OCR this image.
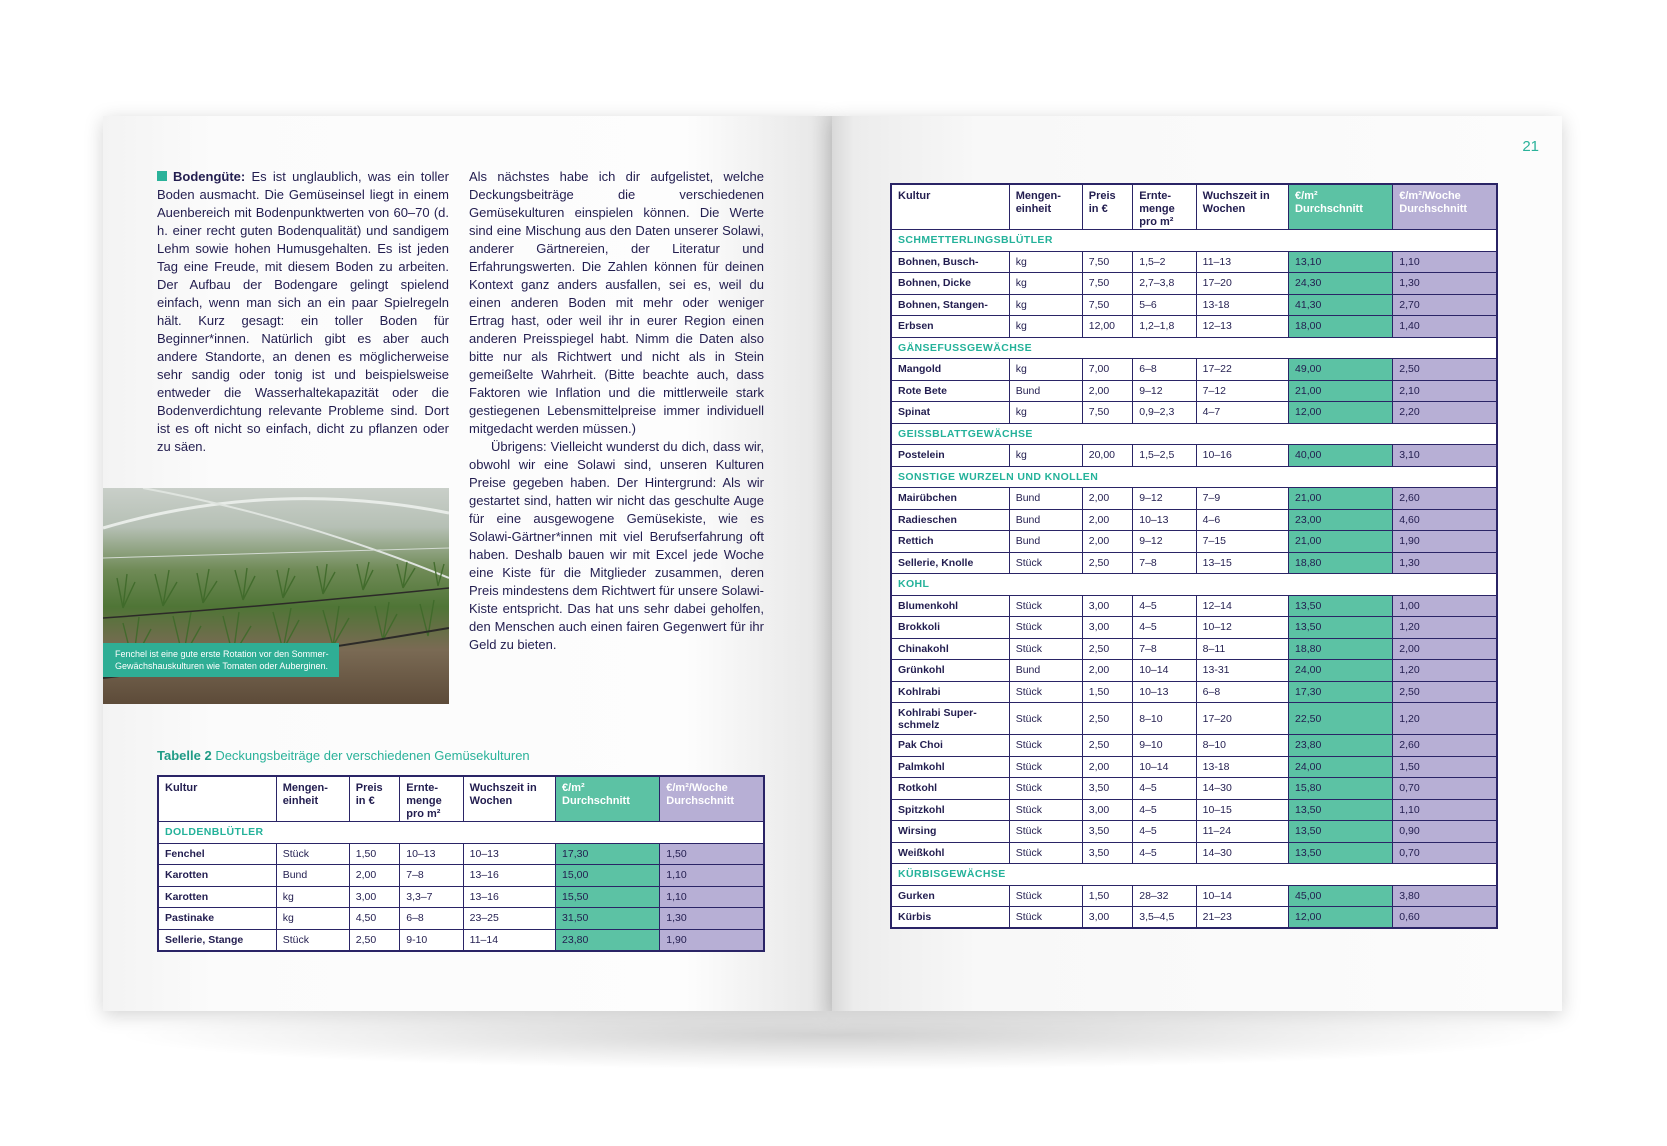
Bodengüte: Es ist unglaublich, was ein toller Boden ausmacht. Die Gemüseinsel liegt in einem Auenbereich mit Bodenpunktwerten von 60–70 (d. h. einer recht guten Bodenqualität) und sandigem Lehm sowie hohen Humusgehalten. Es ist jeden Tag eine Freude, mit diesem Boden zu arbeiten. Der Aufbau der Bodengare gelingt spielend einfach, wenn man sich an ein paar Spielregeln hält. Kurz gesagt: ein toller Boden für Beginner*innen. Natürlich gibt es aber auch andere Standorte, an denen es möglicherweise sehr sandig oder tonig ist und beispielsweise entweder die Wasserhaltekapazität oder die Bodenverdichtung relevante Probleme sind. Dort ist es oft nicht so einfach, dicht zu pflanzen oder zu säen.

Als nächstes habe ich dir aufgelistet, welche Deckungsbeiträge die verschiedenen Gemüsekulturen einspielen können. Die Werte sind eine Mischung aus den Daten unserer Solawi, anderer Gärtnereien, der Literatur und Erfahrungswerten. Die Zahlen können für deinen Kontext ganz anders ausfallen, sei es, weil du einen anderen Boden mit mehr oder weniger Ertrag hast, oder weil ihr in eurer Region einen anderen Preisspiegel habt. Nimm die Daten also bitte nur als Richtwert und nicht als in Stein gemeißelte Wahrheit. (Bitte beachte auch, dass Faktoren wie Inflation und die mittlerweile stark gestiegenen Lebensmittelpreise immer individuell mitgedacht werden müssen.)

Übrigens: Vielleicht wunderst du dich, dass wir, obwohl wir eine Solawi sind, unseren Kulturen Preise gegeben haben. Der Hintergrund: Als wir gestartet sind, hatten wir nicht das geschulte Auge für eine ausgewogene Gemüsekiste, wie es Solawi-Gärtner*innen mit viel Berufserfahrung oft haben. Deshalb bauen wir mit Excel jede Woche eine Kiste für die Mitglieder zusammen, deren Preis mindestens dem Richtwert für unsere Solawi-Kiste entspricht. Das hat uns sehr dabei geholfen, den Menschen auch einen fairen Gegenwert für ihr Geld zu bieten.

Fenchel ist eine gute erste Rotation vor den Sommer-Gewächshauskulturen wie Tomaten oder Auberginen.
Tabelle 2 Deckungsbeiträge der verschiedenen Gemüsekulturen
Kultur	Mengen-einheit	Preis in €	Ernte-menge pro m²	Wuchszeit in Wochen	€/m² Durchschnitt	€/m²/Woche Durchschnitt
DOLDENBLÜTLER						
Fenchel	Stück	1,50	10–13	10–13	17,30	1,50
Karotten	Bund	2,00	7–8	13–16	15,00	1,10
Karotten	kg	3,00	3,3–7	13–16	15,50	1,10
Pastinake	kg	4,50	6–8	23–25	31,50	1,30
Sellerie, Stange	Stück	2,50	9-10	11–14	23,80	1,90
21
Kultur	Mengen-einheit	Preis in €	Ernte-menge pro m²	Wuchszeit in Wochen	€/m² Durchschnitt	€/m²/Woche Durchschnitt
SCHMETTERLINGSBLÜTLER						
Bohnen, Busch-	kg	7,50	1,5–2	11–13	13,10	1,10
Bohnen, Dicke	kg	7,50	2,7–3,8	17–20	24,30	1,30
Bohnen, Stangen-	kg	7,50	5–6	13-18	41,30	2,70
Erbsen	kg	12,00	1,2–1,8	12–13	18,00	1,40
GÄNSEFUSSGEWÄCHSE						
Mangold	kg	7,00	6–8	17–22	49,00	2,50
Rote Bete	Bund	2,00	9–12	7–12	21,00	2,10
Spinat	kg	7,50	0,9–2,3	4–7	12,00	2,20
GEISSBLATTGEWÄCHSE						
Postelein	kg	20,00	1,5–2,5	10–16	40,00	3,10
SONSTIGE WURZELN UND KNOLLEN						
Mairübchen	Bund	2,00	9–12	7–9	21,00	2,60
Radieschen	Bund	2,00	10–13	4–6	23,00	4,60
Rettich	Bund	2,00	9–12	7–15	21,00	1,90
Sellerie, Knolle	Stück	2,50	7–8	13–15	18,80	1,30
KOHL						
Blumenkohl	Stück	3,00	4–5	12–14	13,50	1,00
Brokkoli	Stück	3,00	4–5	10–12	13,50	1,20
Chinakohl	Stück	2,50	7–8	8–11	18,80	2,00
Grünkohl	Bund	2,00	10–14	13-31	24,00	1,20
Kohlrabi	Stück	1,50	10–13	6–8	17,30	2,50
Kohlrabi Super-schmelz	Stück	2,50	8–10	17–20	22,50	1,20
Pak Choi	Stück	2,50	9–10	8–10	23,80	2,60
Palmkohl	Stück	2,00	10–14	13-18	24,00	1,50
Rotkohl	Stück	3,50	4–5	14–30	15,80	0,70
Spitzkohl	Stück	3,00	4–5	10–15	13,50	1,10
Wirsing	Stück	3,50	4–5	11–24	13,50	0,90
Weißkohl	Stück	3,50	4–5	14–30	13,50	0,70
KÜRBISGEWÄCHSE						
Gurken	Stück	1,50	28–32	10–14	45,00	3,80
Kürbis	Stück	3,00	3,5–4,5	21–23	12,00	0,60
